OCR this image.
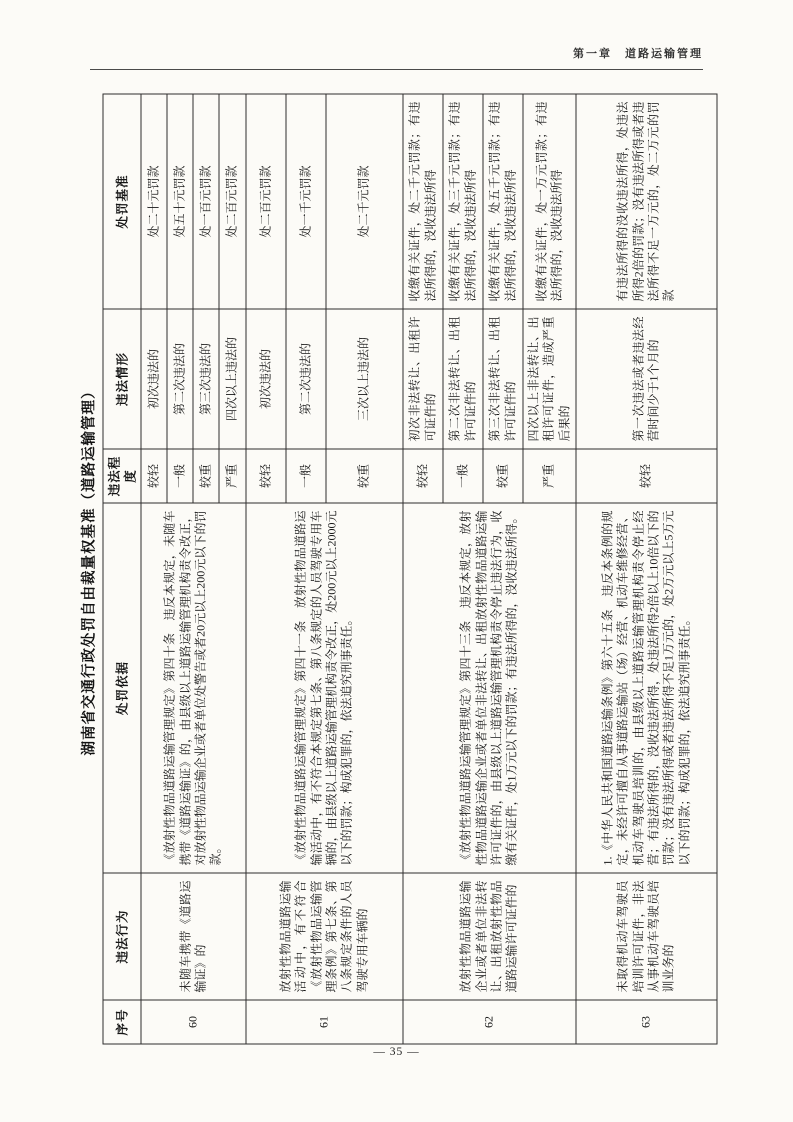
第一章　道路运输管理
湖南省交通行政处罚自由裁量权基准（道路运输管理）
序号	违法行为	处罚依据	违法程度	违法情形	处罚基准
60	未随车携带《道路运输证》的	《放射性物品道路运输管理规定》第四十条　违反本规定，未随车携带《道路运输证》的，由县级以上道路运输管理机构责令改正，对放射性物品运输企业或者单位处警告或者20元以上200元以下的罚款。	较轻	初次违法的	处二十元罚款
			一般	第二次违法的	处五十元罚款
			较重	第三次违法的	处一百元罚款
			严重	四次以上违法的	处二百元罚款
61	放射性物品道路运输活动中，有不符合《放射性物品运输管理条例》第七条、第八条规定条件的人员驾驶专用车辆的	《放射性物品道路运输管理规定》第四十一条　放射性物品道路运输活动中，有不符合本规定第七条、第八条规定的人员驾驶专用车辆的，由县级以上道路运输管理机构责令改正，处200元以上2000元以下的罚款；构成犯罪的，依法追究刑事责任。	较轻	初次违法的	处二百元罚款
			一般	第二次违法的	处一千元罚款
			较重	三次以上违法的	处二千元罚款
62	放射性物品道路运输企业或者单位非法转让、出租放射性物品道路运输许可证件的	《放射性物品道路运输管理规定》第四十三条　违反本规定，放射性物品道路运输企业或者单位非法转让、出租放射性物品道路运输许可证件的，由县级以上道路运输管理机构责令停止违法行为，收缴有关证件，处1万元以下的罚款；有违法所得的，没收违法所得。	较轻	初次非法转让、出租许可证件的	收缴有关证件，处二千元罚款；有违法所得的，没收违法所得
			一般	第二次非法转让、出租许可证件的	收缴有关证件，处三千元罚款；有违法所得的，没收违法所得
			较重	第三次非法转让、出租许可证件的	收缴有关证件，处五千元罚款；有违法所得的，没收违法所得
			严重	四次以上非法转让、出租许可证件，造成严重后果的	收缴有关证件，处一万元罚款；有违法所得的，没收违法所得
63	未取得机动车驾驶员培训许可证件，非法从事机动车驾驶员培训业务的	1.《中华人民共和国道路运输条例》第六十五条　违反本条例的规定，未经许可擅自从事道路运输站（场）经营、机动车维修经营、机动车驾驶员培训的，由县级以上道路运输管理机构责令停止经营；有违法所得的，没收违法所得，处违法所得2倍以上10倍以下的罚款；没有违法所得或者违法所得不足1万元的，处2万元以上5万元以下的罚款；构成犯罪的，依法追究刑事责任。	较轻	第一次违法或者违法经营时间少于1个月的	有违法所得的没收违法所得，处违法所得2倍的罚款；没有违法所得或者违法所得不足一万元的，处二万元的罚款
— 35 —
